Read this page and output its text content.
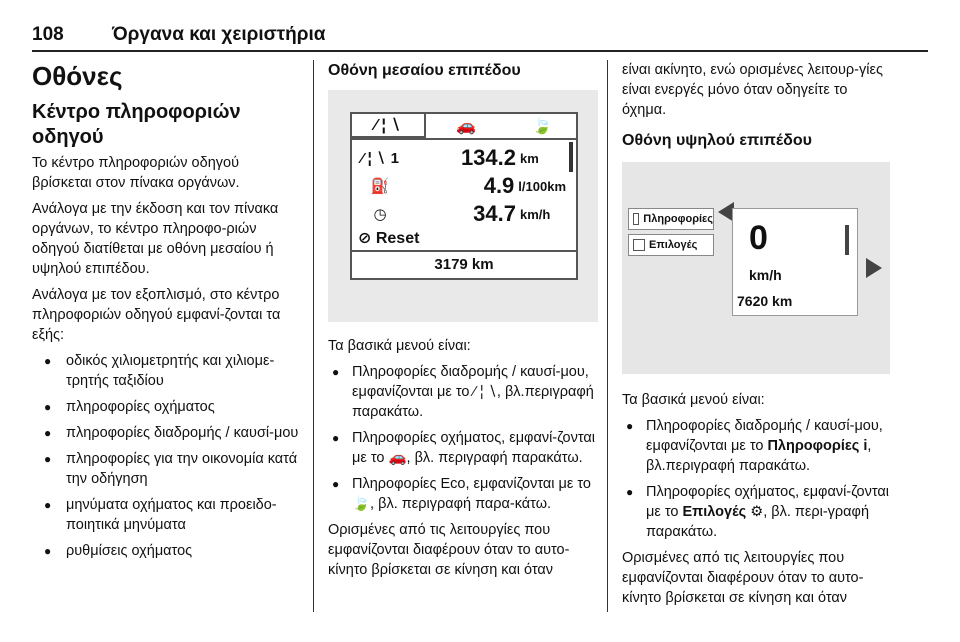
108	Όργανα και χειριστήρια
Οθόνες
Κέντρο πληροφοριών οδηγού

Το κέντρο πληροφοριών οδηγού βρίσκεται στον πίνακα οργάνων.

Ανάλογα με την έκδοση και τον πίνακα οργάνων, το κέντρο πληροφο-ριών οδηγού διατίθεται με οθόνη μεσαίου ή υψηλού επιπέδου.

Ανάλογα με τον εξοπλισμό, στο κέντρο πληροφοριών οδηγού εμφανί-ζονται τα εξής:

● οδικός χιλιομετρητής και χιλιομε-τρητής ταξιδίου
● πληροφορίες οχήματος
● πληροφορίες διαδρομής / καυσί-μου
● πληροφορίες για την οικονομία κατά την οδήγηση
● μηνύματα οχήματος και προειδο-ποιητικά μηνύματα
● ρυθμίσεις οχήματος
Οθόνη μεσαίου επιπέδου
⁄ ¦ ∖	🚗	🍃
⁄ ¦ ∖ 1	134.2 km
⛽	4.9 l/100km
◷	34.7 km/h
⊘ Reset
3179 km

Τα βασικά μενού είναι:

● Πληροφορίες διαδρομής / καυσί-μου, εμφανίζονται με το ⁄ ¦ ∖, βλ.περιγραφή παρακάτω.
● Πληροφορίες οχήματος, εμφανί-ζονται με το 🚗, βλ. περιγραφή παρακάτω.
● Πληροφορίες Eco, εμφανίζονται με το 🍃, βλ. περιγραφή παρα-κάτω.

Ορισμένες από τις λειτουργίες που εμφανίζονται διαφέρουν όταν το αυτο-κίνητο βρίσκεται σε κίνηση και όταν

είναι ακίνητο, ενώ ορισμένες λειτουρ-γίες είναι ενεργές μόνο όταν οδηγείτε το όχημα.

Οθόνη υψηλού επιπέδου
Πληροφορίες
Επιλογές 0
km/h
7620 km

Τα βασικά μενού είναι:

● Πληροφορίες διαδρομής / καυσί-μου, εμφανίζονται με το Πληροφορίες i, βλ.περιγραφή παρακάτω.
● Πληροφορίες οχήματος, εμφανί-ζονται με το Επιλογές ⚙, βλ. περι-γραφή παρακάτω.

Ορισμένες από τις λειτουργίες που εμφανίζονται διαφέρουν όταν το αυτο-κίνητο βρίσκεται σε κίνηση και όταν
